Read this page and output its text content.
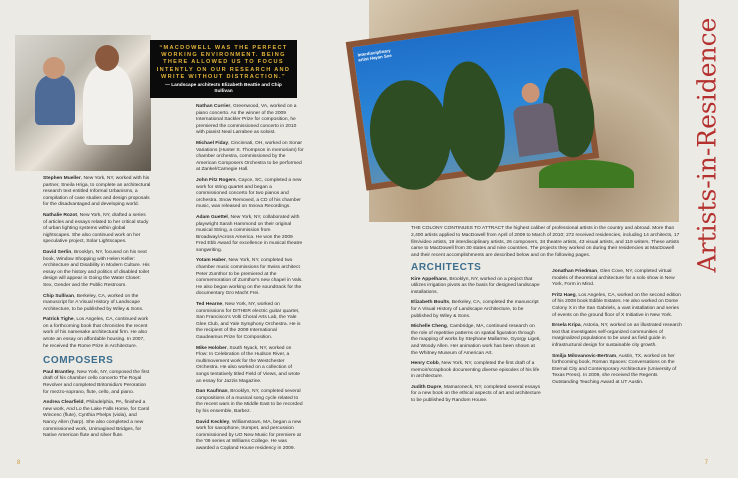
“MACDOWELL WAS THE PERFECT WORKING ENVIRONMENT. BEING THERE ALLOWED US TO FOCUS INTENTLY ON OUR RESEARCH AND WRITE WITHOUT DISTRACTION.”
— Landscape architects Elizabeth Beattie and Chip Sullivan

Stephen Mueller, New York, NY, worked with his partner, Sneila Hriga, to complete an architectural research text entitled Informal Urbanisms, a compilation of case studies and design proposals for the disadvantaged and developing world.

Nathalie Rozot, New York, NY, drafted a series of articles and essays related to her critical study of urban lighting systems within global nightscapes. She also continued work on her speculative project, Solar Lightscapes.

David Serlin, Brooklyn, NY, focused on his next book, Window Shopping with Helen Keller: Architecture and Disability in Modern Culture. His essay on the history and politics of disabled toilet design will appear in Going the Water Closet: Sex, Gender and the Public Restroom.

Chip Sullivan, Berkeley, CA, worked on the manuscript for A Visual History of Landscape Architecture, to be published by Wiley & Sons.

Patrick Tighe, Los Angeles, CA, continued work on a forthcoming book that chronicles the recent work of his namesake architectural firm. He also wrote an essay on affordable housing. In 2007, he received the Rome Prize in Architecture.

COMPOSERS

Paul Brantley, New York, NY, composed the first draft of his chamber cello concerto The Royal Revolver and completed Britomidia's Peroration for mezzo-soprano, flute, cello, and piano.

Andrea Clearfield, Philadelphia, PA, finished a new work, And Lo the Lake Falls Home, for Carol Wincenc (flute), Cynthia Phelps (viola), and Nancy Allen (harp). She also completed a new commissioned work, Unimagined Bridges, for Native American flute and silver flute.

Nathan Currier, Greenwood, VA, worked on a piano concerto. As the winner of the 2009 International Sackler Prize for composition, he premiered the commissioned concerto in 2010 with pianist Neal Larrabee as soloist.

Michael Fiday, Cincinnati, OH, worked on Sonar Variations (Hunter S. Thompson in memoriam) for chamber orchestra, commissioned by the American Composers Orchestra to be performed at Zankel/Carnegie Hall.

John Fitz Rogers, Cayce, SC, completed a new work for string quartet and began a commissioned concerto for two pianos and orchestra. Snow Removed, a CD of his chamber music, was released on Innova Recordings.

Adam Guettel, New York, NY, collaborated with playwright Sarah Hammond on their original musical String, a commission from Broadway/Across America. He won the 2009 Fred Ebb Award for excellence in musical theatre songwriting.

Yotam Haber, New York, NY, completed two chamber music commissions for Swiss architect Peter Zumthor to be premiered at the commemoration of Zumthor's new chapel in Vals. He also began working on the soundtrack for the documentary Gro Macht Frei.

Ted Hearne, New York, NY, worked on commissions for DITHER electric guitar quartet, San Francisco's Volti Choral Arts Lab, the Yale Glee Club, and Yale Symphony Orchestra. He is the recipient of the 2009 International Gaudeamus Prize for Composition.

Mike Holober, South Nyack, NY, worked on Flow: In Celebration of the Hudson River, a multimovement work for the Westchester Orchestra. He also worked on a collection of songs tentatively titled Field of Views, and wrote an essay for Jazzis Magazine.

Dan Kaufman, Brooklyn, NY, completed several compositions of a musical song cycle related to the recent wars in the Middle East to be recorded by his ensemble, Barbez.

David Keckley, Williamstown, MA, began a new work for saxophone, trumpet, and percussion commissioned by UO New Music for premiere at the '09 series at Williams College. He was awarded a Copland House residency in 2009.

8
Interdisciplinary artist Hayan Soe	Artists-in-Residence
THE COLONY CONTINUES TO ATTRACT the highest caliber of professional artists in the country and abroad. More than 2,400 artists applied to MacDowell from April of 2009 to March of 2010; 272 received residencies, including 14 architects, 17 film/video artists, 19 interdisciplinary artists, 26 composers, 34 theatre artists, 43 visual artists, and 119 writers. These artists came to MacDowell from 30 states and nine countries. The projects they worked on during their residencies at MacDowell and their recent accomplishments are described below and on the following pages.
ARCHITECTS

Kire Appelhans, Brooklyn, NY, worked on a project that utilizes irrigation pivots as the basis for designed landscape installations.

Elizabeth Boults, Berkeley, CA, completed the manuscript for A Visual History of Landscape Architecture, to be published by Wiley & Sons.

Michelle Cheng, Cambridge, MA, continued research on the role of repetitive patterns on spatial figuration through the mapping of works by Stephane Mallarme, Gyorgy Ligeti, and Woody Allen. Her animation work has been shown at the Whitney Museum of American Art.

Henry Cobb, New York, NY, completed the first draft of a memoir/scrapbook documenting diverse episodes of his life in architecture.

Judith Dupre, Mamaroneck, NY, completed several essays for a new book on the ethical aspects of art and architecture to be published by Random House.

Jonathan Friedman, Glen Cove, NY, completed virtual models of theoretical architecture for a solo show in New York, Form in Mind.

Fritz Haeg, Los Angeles, CA, worked on the second edition of his 2008 book Edible Estates. He also worked on Dome Colony X in the San Gabriels, a vast installation and series of events on the ground floor of X Initiative in New York.

Ersela Kripa, Astoria, NY, worked on an illustrated research text that investigates self-organized communities of marginalized populations to be used as field guide in infrastructural design for sustainable city growth.

Smilja Milovanovic-Bertram, Austin, TX, worked on her forthcoming book, Roman Spaces: Conversations on the Eternal City and Contemporary Architecture (University of Texas Press). In 2009, she received the Regents Outstanding Teaching Award at UT Austin.

7
